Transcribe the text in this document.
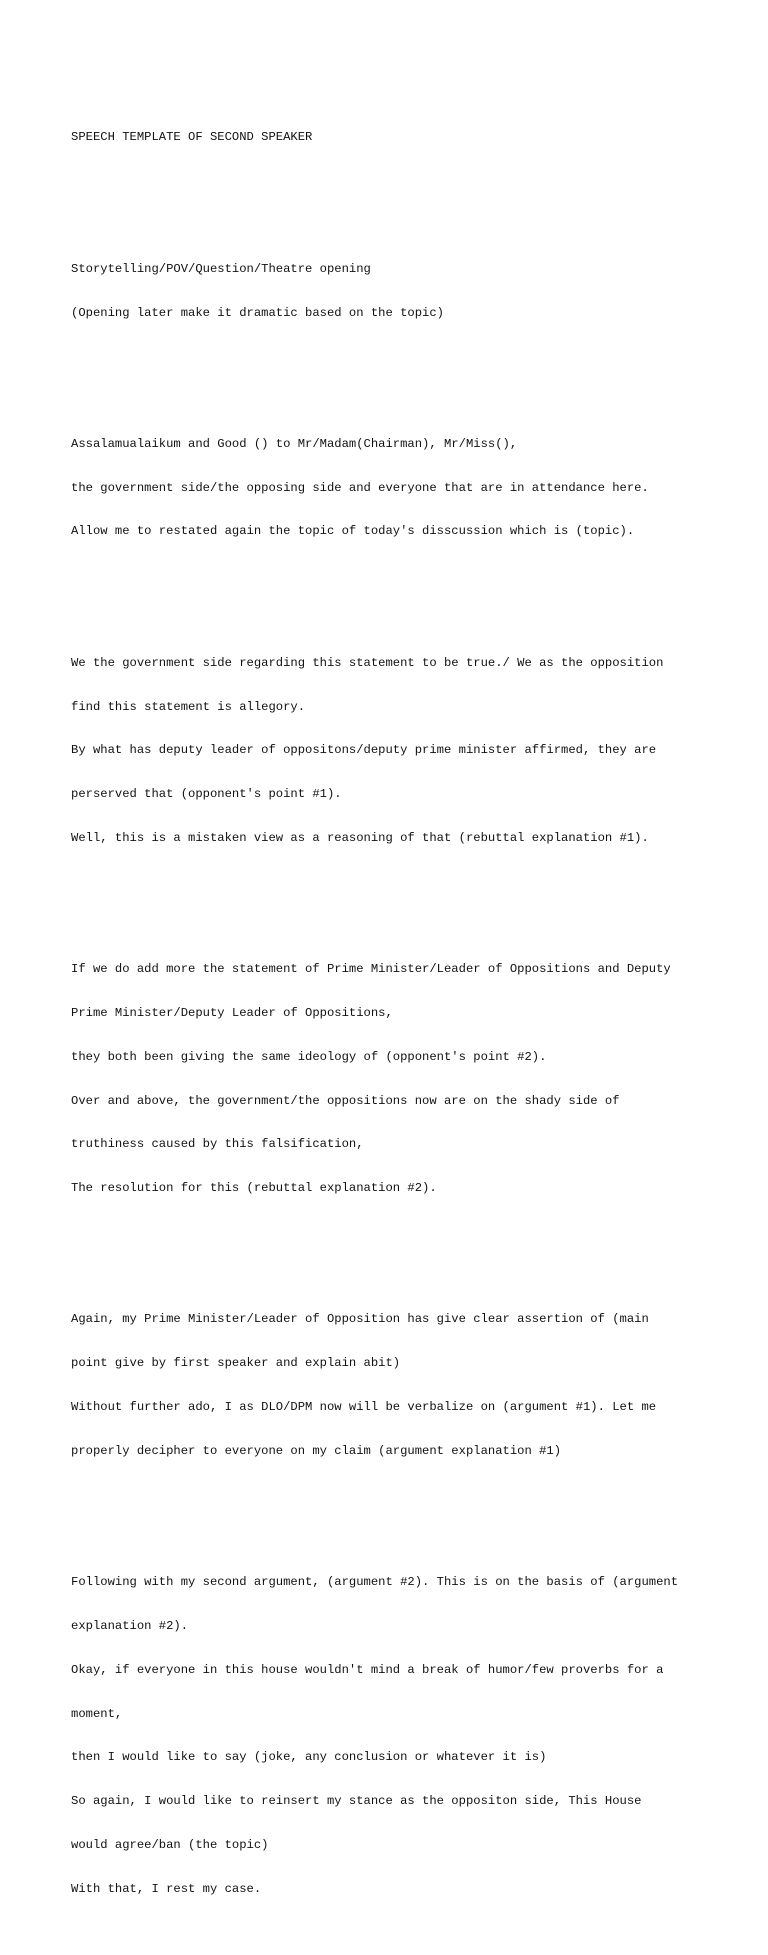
SPEECH TEMPLATE OF SECOND SPEAKER

Storytelling/POV/Question/Theatre opening

(Opening later make it dramatic based on the topic)

Assalamualaikum and Good () to Mr/Madam(Chairman), Mr/Miss(),

the government side/the opposing side and everyone that are in attendance here.

Allow me to restated again the topic of today's disscussion which is (topic).

We the government side regarding this statement to be true./ We as the opposition

find this statement is allegory.

By what has deputy leader of oppositons/deputy prime minister affirmed, they are

perserved that (opponent's point #1).

Well, this is a mistaken view as a reasoning of that (rebuttal explanation #1).

If we do add more the statement of Prime Minister/Leader of Oppositions and Deputy

Prime Minister/Deputy Leader of Oppositions,

they both been giving the same ideology of (opponent's point #2).

Over and above, the government/the oppositions now are on the shady side of

truthiness caused by this falsification,

The resolution for this (rebuttal explanation #2).

Again, my Prime Minister/Leader of Opposition has give clear assertion of (main

point give by first speaker and explain abit)

Without further ado, I as DLO/DPM now will be verbalize on (argument #1). Let me

properly decipher to everyone on my claim (argument explanation #1)

Following with my second argument, (argument #2). This is on the basis of (argument

explanation #2).

Okay, if everyone in this house wouldn't mind a break of humor/few proverbs for a

moment,

then I would like to say (joke, any conclusion or whatever it is)

So again, I would like to reinsert my stance as the oppositon side, This House

would agree/ban (the topic)

With that, I rest my case.
